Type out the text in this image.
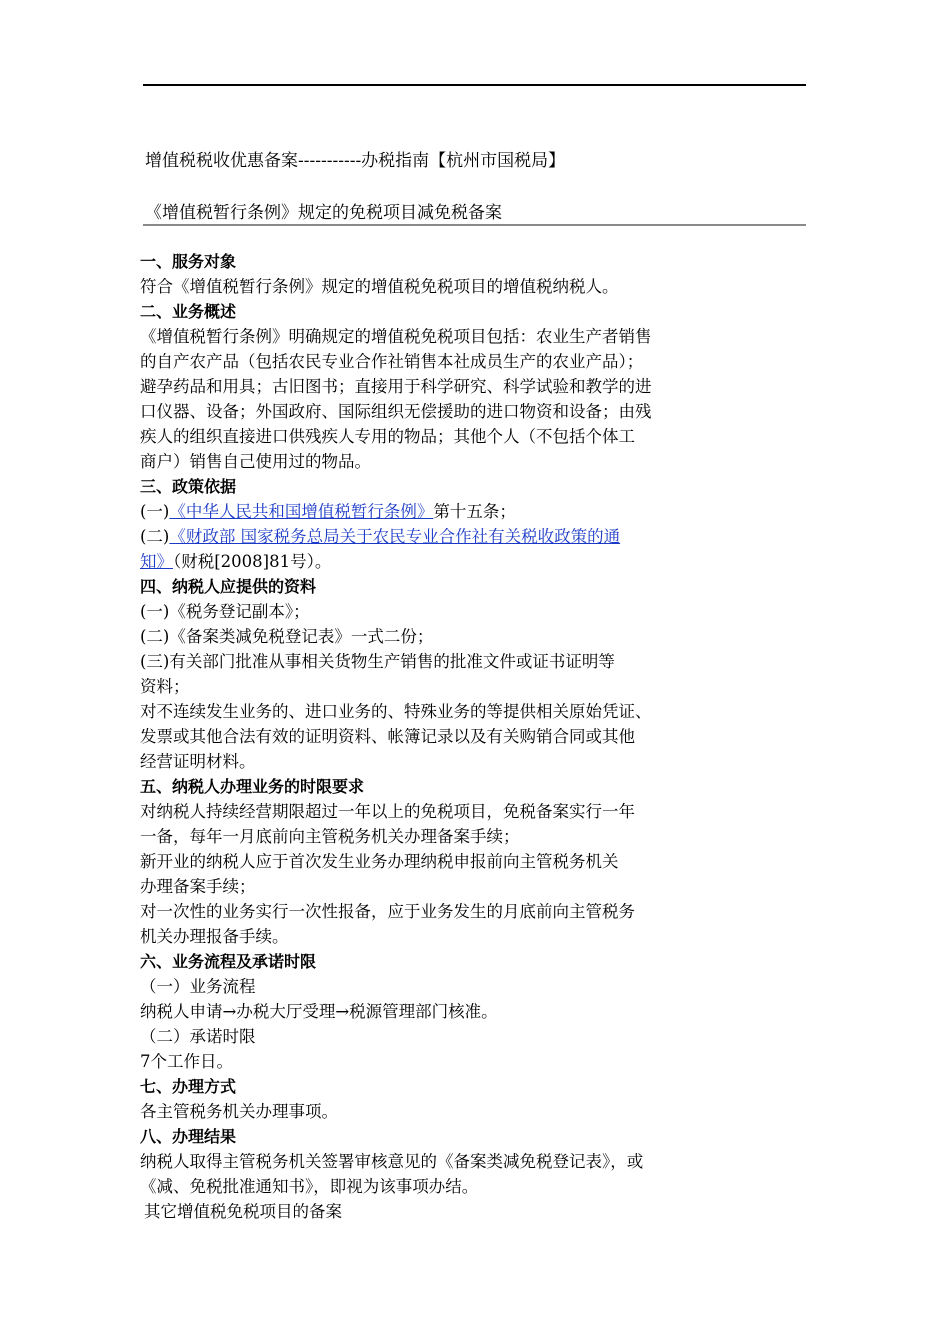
增值税税收优惠备案-----------办税指南【杭州市国税局】
《增值税暂行条例》规定的免税项目减免税备案
一、服务对象
符合《增值税暂行条例》规定的增值税免税项目的增值税纳税人。
二、业务概述
《增值税暂行条例》明确规定的增值税免税项目包括：农业生产者销售
的自产农产品（包括农民专业合作社销售本社成员生产的农业产品）；
避孕药品和用具；古旧图书；直接用于科学研究、科学试验和教学的进
口仪器、设备；外国政府、国际组织无偿援助的进口物资和设备；由残
疾人的组织直接进口供残疾人专用的物品；其他个人（不包括个体工
商户）销售自己使用过的物品。
三、政策依据
(一)《中华人民共和国增值税暂行条例》第十五条；
(二)《财政部 国家税务总局关于农民专业合作社有关税收政策的通
知》（财税[2008]81号）。
四、纳税人应提供的资料
(一)《税务登记副本》；
(二)《备案类减免税登记表》一式二份；
(三)有关部门批准从事相关货物生产销售的批准文件或证书证明等
资料；
对不连续发生业务的、进口业务的、特殊业务的等提供相关原始凭证、
发票或其他合法有效的证明资料、帐簿记录以及有关购销合同或其他
经营证明材料。
五、纳税人办理业务的时限要求
对纳税人持续经营期限超过一年以上的免税项目，免税备案实行一年
一备，每年一月底前向主管税务机关办理备案手续；
新开业的纳税人应于首次发生业务办理纳税申报前向主管税务机关
办理备案手续；
对一次性的业务实行一次性报备，应于业务发生的月底前向主管税务
机关办理报备手续。
六、业务流程及承诺时限
（一）业务流程
纳税人申请→办税大厅受理→税源管理部门核准。
（二）承诺时限
7个工作日。
七、办理方式
各主管税务机关办理事项。
八、办理结果
纳税人取得主管税务机关签署审核意见的《备案类减免税登记表》，或
《减、免税批准通知书》，即视为该事项办结。
其它增值税免税项目的备案
